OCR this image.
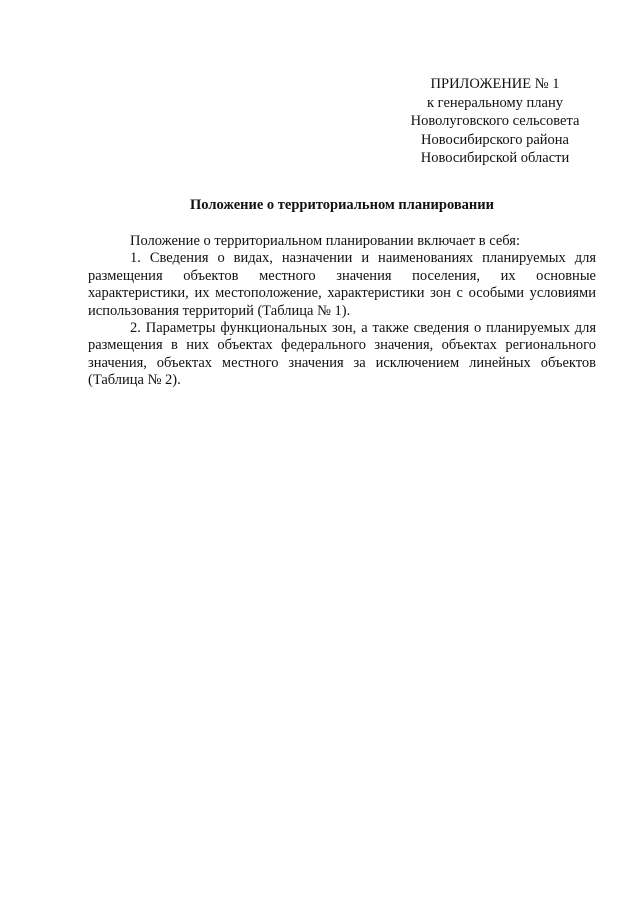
ПРИЛОЖЕНИЕ № 1
к генеральному плану
Новолуговского сельсовета
Новосибирского района
Новосибирской области
Положение о территориальном планировании

Положение о территориальном планировании включает в себя:

1. Сведения о видах, назначении и наименованиях планируемых для размещения объектов местного значения поселения, их основные характеристики, их местоположение, характеристики зон с особыми условиями использования территорий (Таблица № 1).

2. Параметры функциональных зон, а также сведения о планируемых для размещения в них объектах федерального значения, объектах регионального значения, объектах местного значения за исключением линейных объектов (Таблица № 2).
